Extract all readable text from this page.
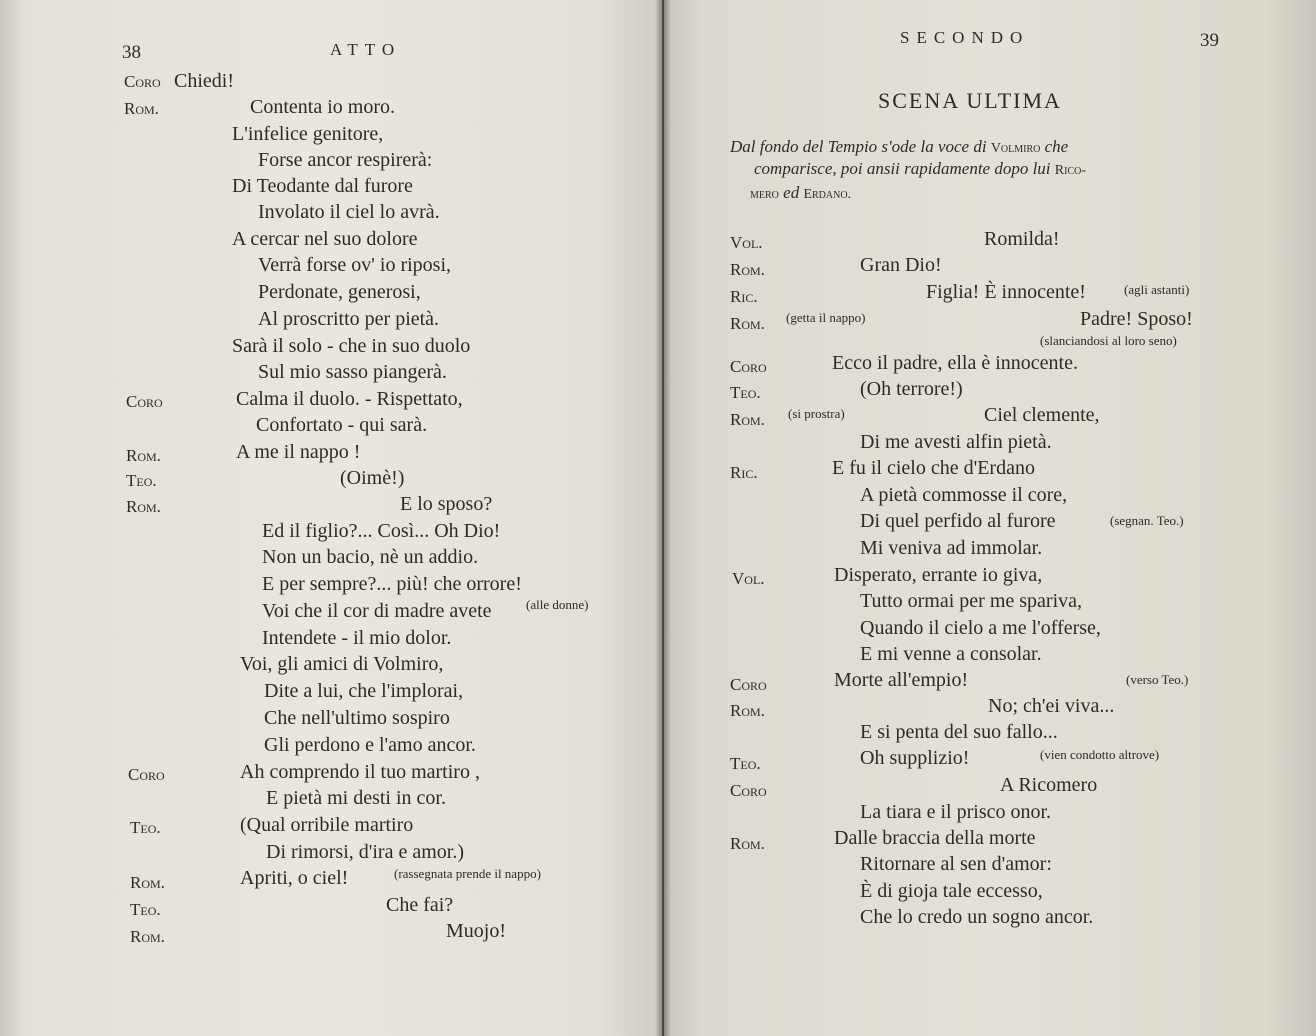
38	ATTO
Coro Chiedi!
Rom.	Contenta io moro.
L'infelice genitore,
Forse ancor respirerà:
Di Teodante dal furore
Involato il ciel lo avrà.
A cercar nel suo dolore
Verrà forse ov' io riposi,
Perdonate, generosi,
Al proscritto per pietà.
Sarà il solo - che in suo duolo
Sul mio sasso piangerà.
Coro	Calma il duolo. - Rispettato,
Confortato - qui sarà.
Rom.	A me il nappo !
Teo.	(Oimè!)
Rom.	E lo sposo?
Ed il figlio?... Così... Oh Dio!
Non un bacio, nè un addio.
E per sempre?... più! che orrore!
Voi che il cor di madre avete	(alle donne)
Intendete - il mio dolor.
Voi, gli amici di Volmiro,
Dite a lui, che l'implorai,
Che nell'ultimo sospiro
Gli perdono e l'amo ancor.
Coro	Ah comprendo il tuo martiro ,
E pietà mi desti in cor.
Teo.	(Qual orribile martiro
Di rimorsi, d'ira e amor.)
Rom.	Apriti, o ciel!	(rassegnata prende il nappo)
Teo.	Che fai?
Rom.	Muojo!
SECONDO	39
SCENA ULTIMA
Dal fondo del Tempio s'ode la voce di Volmiro che
comparisce, poi ansii rapidamente dopo lui Rico-
mero ed Erdano.
Vol.	Romilda!
Rom.	Gran Dio!
Ric.	Figlia! È innocente!	(agli astanti)
Rom. (getta il nappo)	Padre! Sposo!
(slanciandosi al loro seno)
Coro	Ecco il padre, ella è innocente.
Teo.	(Oh terrore!)
Rom. (si prostra)	Ciel clemente,
Di me avesti alfin pietà.
Ric.	E fu il cielo che d'Erdano
A pietà commosse il core,
Di quel perfido al furore	(segnan. Teo.)
Mi veniva ad immolar.
Vol.	Disperato, errante io giva,
Tutto ormai per me spariva,
Quando il cielo a me l'offerse,
E mi venne a consolar.
Coro	Morte all'empio!	(verso Teo.)
Rom.	No; ch'ei viva...
E si penta del suo fallo...
Teo.	Oh supplizio!	(vien condotto altrove)
Coro	A Ricomero
La tiara e il prisco onor.
Rom.	Dalle braccia della morte
Ritornare al sen d'amor:
È di gioja tale eccesso,
Che lo credo un sogno ancor.
